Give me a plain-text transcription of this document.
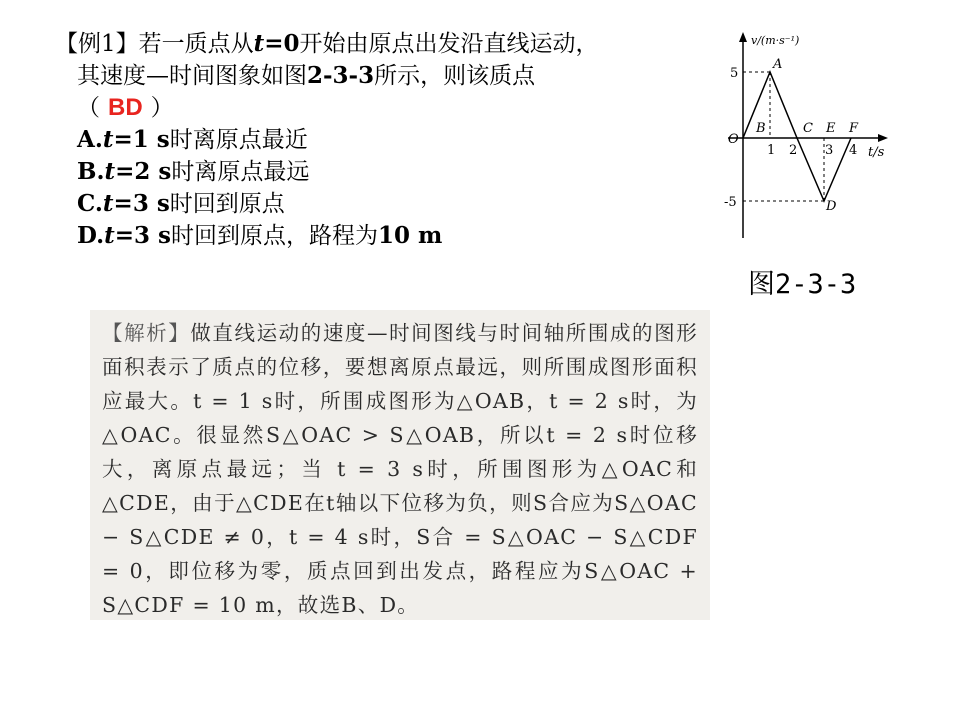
【例1】若一质点从t=0开始由原点出发沿直线运动，
其速度—时间图象如图2-3-3所示，则该质点
（ BD ）
A.t=1 s时离原点最近
B.t=2 s时离原点最远
C.t=3 s时回到原点
D.t=3 s时回到原点，路程为10 m
v/(m·s⁻¹)
t/s
O
5
-5
1 2 3 4
A
B	C E F
D
图2-3-3

【解析】做直线运动的速度—时间图线与时间轴所围成的图形面积表示了质点的位移，要想离原点最远，则所围成图形面积应最大。t = 1 s时，所围成图形为△OAB，t = 2 s时，为△OAC。很显然S△OAC > S△OAB，所以t = 2 s时位移大，离原点最远；当 t = 3 s时，所围图形为△OAC和△CDE，由于△CDE在t轴以下位移为负，则S合应为S△OAC − S△CDE ≠ 0，t = 4 s时，S合 = S△OAC − S△CDF = 0，即位移为零，质点回到出发点，路程应为S△OAC + S△CDF = 10 m，故选B、D。
